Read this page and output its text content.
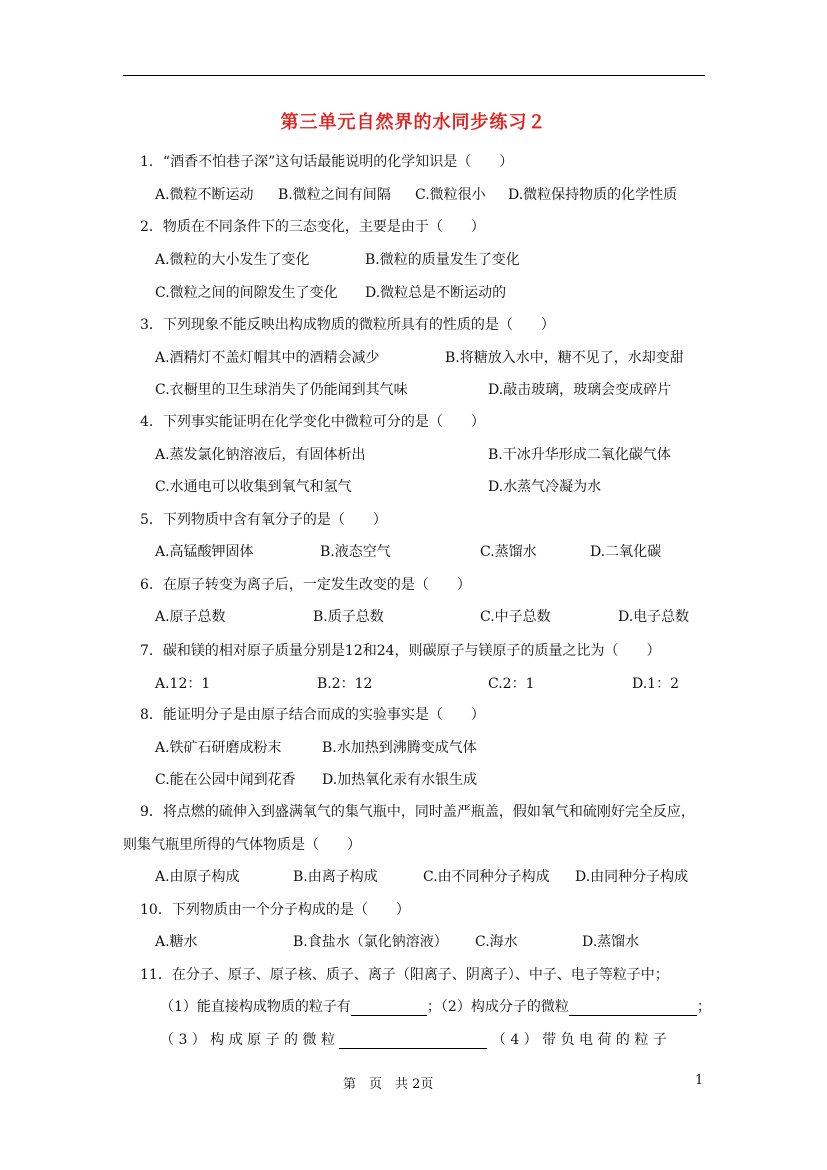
第三单元自然界的水同步练习２
1．“酒香不怕巷子深”这句话最能说明的化学知识是（　　）
A.微粒不断运动 B.微粒之间有间隔 C.微粒很小 D.微粒保持物质的化学性质
2．物质在不同条件下的三态变化，主要是由于（　　）
A.微粒的大小发生了变化	B.微粒的质量发生了变化
C.微粒之间的间隙发生了变化 D.微粒总是不断运动的
3．下列现象不能反映出构成物质的微粒所具有的性质的是（　　）
A.酒精灯不盖灯帽其中的酒精会减少	B.将糖放入水中，糖不见了，水却变甜
C.衣橱里的卫生球消失了仍能闻到其气味	D.敲击玻璃，玻璃会变成碎片
4．下列事实能证明在化学变化中微粒可分的是（　　）
A.蒸发氯化钠溶液后，有固体析出	B.干冰升华形成二氧化碳气体
C.水通电可以收集到氧气和氢气	D.水蒸气冷凝为水
5．下列物质中含有氧分子的是（　　）
A.高锰酸钾固体	B.液态空气	C.蒸馏水	D.二氧化碳
6．在原子转变为离子后，一定发生改变的是（　　）
A.原子总数	B.质子总数	C.中子总数	D.电子总数
7．碳和镁的相对原子质量分别是12和24，则碳原子与镁原子的质量之比为（　　）
A.12：1	B.2：12	C.2：1	D.1：2
8．能证明分子是由原子结合而成的实验事实是（　　）
A.铁矿石研磨成粉末	B.水加热到沸腾变成气体
C.能在公园中闻到花香 D.加热氧化汞有水银生成
9．将点燃的硫伸入到盛满氧气的集气瓶中，同时盖严瓶盖，假如氧气和硫刚好完全反应，
则集气瓶里所得的气体物质是（　　）
A.由原子构成	B.由离子构成	C.由不同种分子构成 D.由同种分子构成
10．下列物质由一个分子构成的是（　　）
A.糖水	B.食盐水（氯化钠溶液） C.海水	D.蒸馏水
11．在分子、原子、原子核、质子、离子（阳离子、阴离子）、中子、电子等粒子中；
（1）能直接构成物质的粒子有	；（2）构成分子的微粒	；
（ 3 ） 构 成 原 子 的 微 粒	（ 4 ） 带 负 电 荷 的 粒 子
第　页　共 2页	1
